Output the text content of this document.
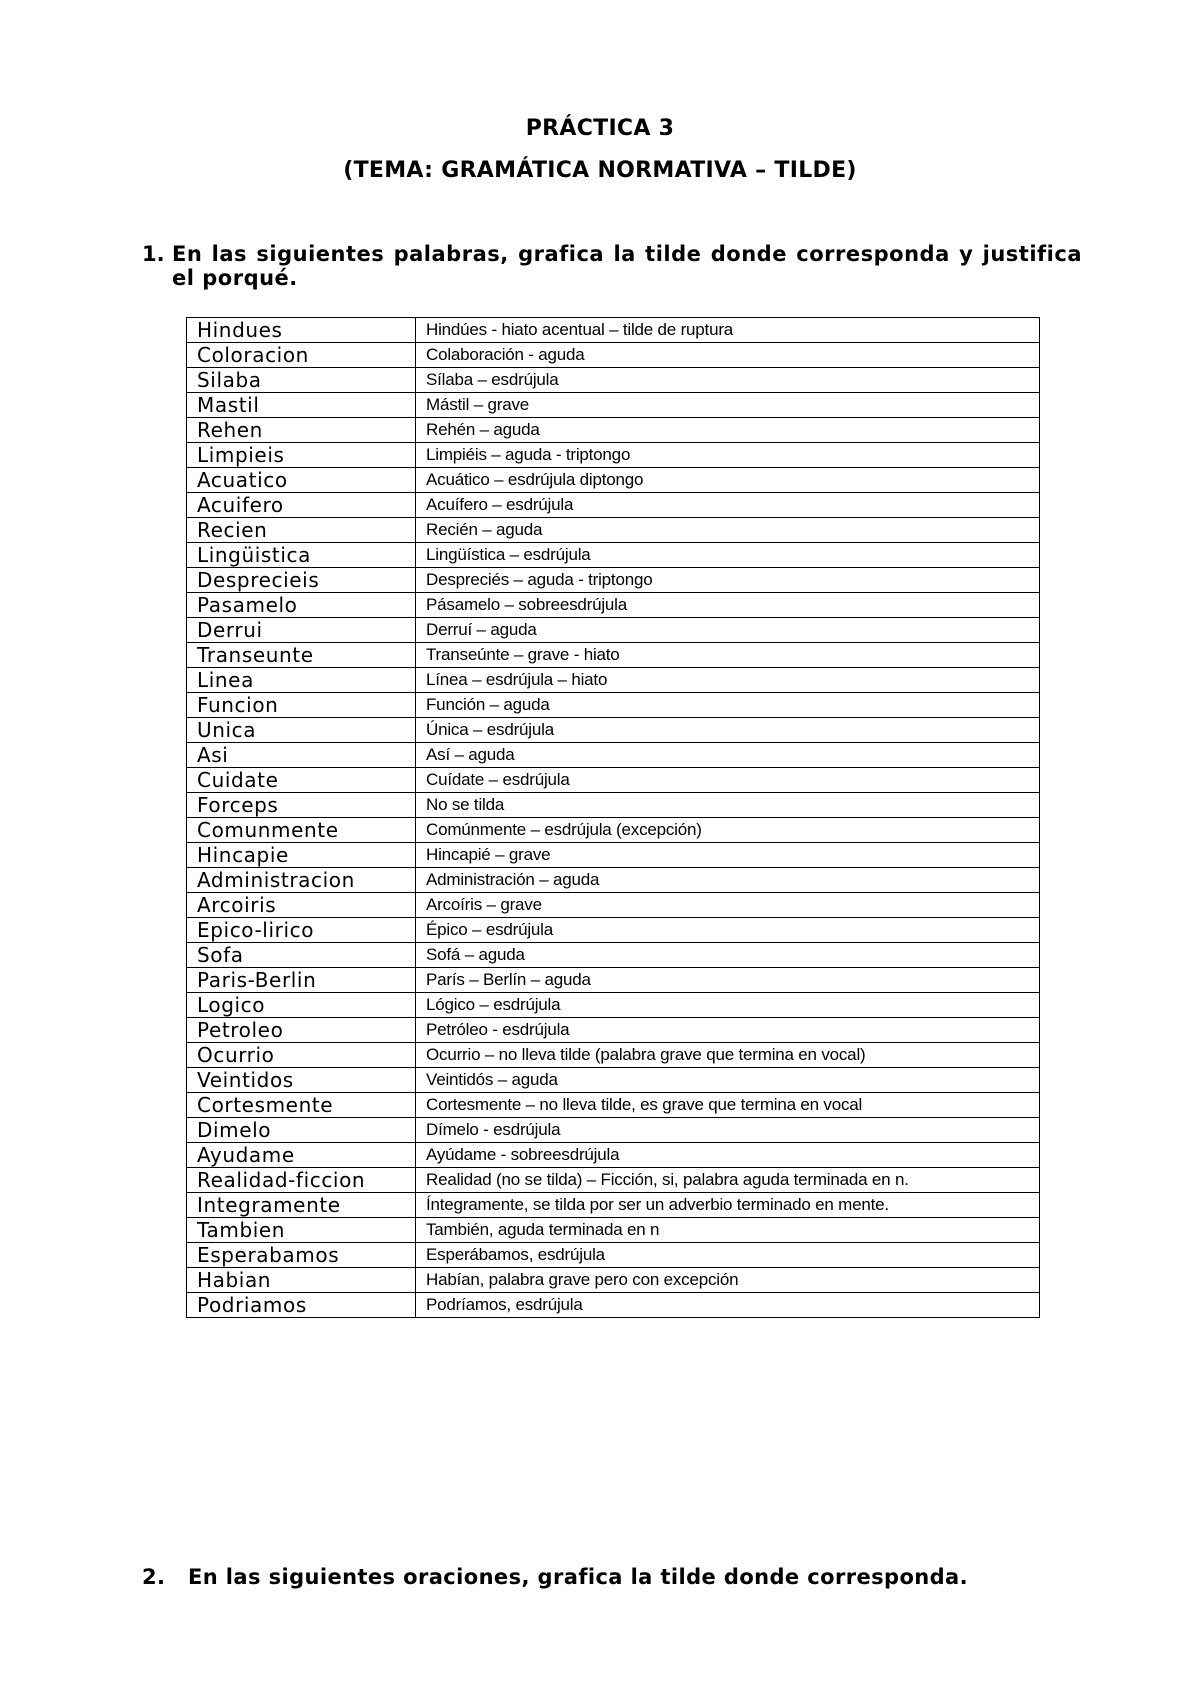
PRÁCTICA 3
(TEMA: GRAMÁTICA NORMATIVA – TILDE)
1. En las siguientes palabras, grafica la tilde donde corresponda y justifica el porqué.
Hindues	Hindúes - hiato acentual – tilde de ruptura
Coloracion	Colaboración - aguda
Silaba	Sílaba – esdrújula
Mastil	Mástil – grave
Rehen	Rehén – aguda
Limpieis	Limpiéis – aguda - triptongo
Acuatico	Acuático – esdrújula diptongo
Acuifero	Acuífero – esdrújula
Recien	Recién – aguda
Lingüistica	Lingüística – esdrújula
Desprecieis	Despreciés – aguda - triptongo
Pasamelo	Pásamelo – sobreesdrújula
Derrui	Derruí – aguda
Transeunte	Transeúnte – grave - hiato
Linea	Línea – esdrújula – hiato
Funcion	Función – aguda
Unica	Única – esdrújula
Asi	Así – aguda
Cuidate	Cuídate – esdrújula
Forceps	No se tilda
Comunmente	Comúnmente – esdrújula (excepción)
Hincapie	Hincapié – grave
Administracion	Administración – aguda
Arcoiris	Arcoíris – grave
Epico-lirico	Épico – esdrújula
Sofa	Sofá – aguda
Paris-Berlin	París – Berlín – aguda
Logico	Lógico – esdrújula
Petroleo	Petróleo - esdrújula
Ocurrio	Ocurrio – no lleva tilde (palabra grave que termina en vocal)
Veintidos	Veintidós – aguda
Cortesmente	Cortesmente – no lleva tilde, es grave que termina en vocal
Dimelo	Dímelo - esdrújula
Ayudame	Ayúdame - sobreesdrújula
Realidad-ficcion	Realidad (no se tilda) – Ficción, si, palabra aguda terminada en n.
Integramente	Íntegramente, se tilda por ser un adverbio terminado en mente.
Tambien	También, aguda terminada en n
Esperabamos	Esperábamos, esdrújula
Habian	Habían, palabra grave pero con excepción
Podriamos	Podríamos, esdrújula
2. En las siguientes oraciones, grafica la tilde donde corresponda.
